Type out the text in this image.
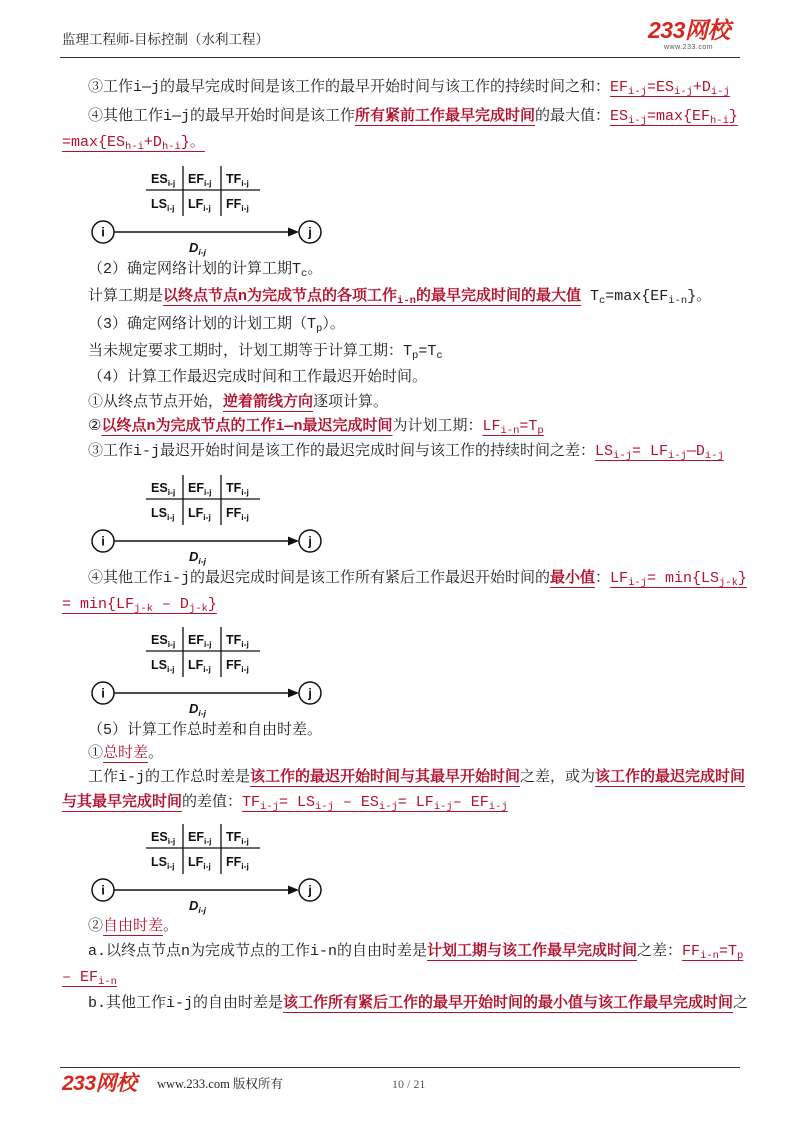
监理工程师-目标控制（水利工程）	233网校
www.233.com
③工作i—j的最早完成时间是该工作的最早开始时间与该工作的持续时间之和：$EF_{i-j}=ES_{i-j}+D_{i-j}$
④其他工作i—j的最早开始时间是该工作所有紧前工作最早完成时间的最大值：$ES_{i-j}=\max\{EF_{h-i}\}$
$=\max\{ES_{h-i}+D_{h-i}\}$。
$ES_{i-j}$ $EF_{i-j}$ $TF_{i-j}$
$LS_{i-j}$ $LF_{i-j}$ $FF_{i-j}$
i	j
$D_{i-j}$
（2）确定网络计划的计算工期$T_c$。
计算工期是以终点节点n为完成节点的各项工作$_{i-n}$的最早完成时间的最大值 $T_c=\max\{EF_{i-n}\}$。
（3）确定网络计划的计划工期$(T_p)$。
当未规定要求工期时，计划工期等于计算工期：$T_p=T_c$
（4）计算工作最迟完成时间和工作最迟开始时间。
①从终点节点开始，逆着箭线方向逐项计算。
②以终点n为完成节点的工作i—n最迟完成时间为计划工期：$LF_{i-n}=T_p$
③工作i-j最迟开始时间是该工作的最迟完成时间与该工作的持续时间之差：$LS_{i-j}=$ $LF_{i-j}—D_{i-j}$
$ES_{i-j}$ $EF_{i-j}$ $TF_{i-j}$
$LS_{i-j}$ $LF_{i-j}$ $FF_{i-j}$
i	j
$D_{i-j}$
④其他工作i-j的最迟完成时间是该工作所有紧后工作最迟开始时间的最小值：$LF_{i-j}= \min\{LS_{j-k}\}$
= $\min\{LF_{j-k} - D_{j-k}\}$
$ES_{i-j}$ $EF_{i-j}$ $TF_{i-j}$
$LS_{i-j}$ $LF_{i-j}$ $FF_{i-j}$
i	j
$D_{i-j}$
（5）计算工作总时差和自由时差。
①总时差。
工作i-j的工作总时差是该工作的最迟开始时间与其最早开始时间之差，或为该工作的最迟完成时间
与其最早完成时间的差值：$TF_{i-j}= LS_{i-j} - ES_{i-j}= LF_{i-j}-$ $EF_{i-j}$
$ES_{i-j}$ $EF_{i-j}$ $TF_{i-j}$
$LS_{i-j}$ $LF_{i-j}$ $FF_{i-j}$
i	j
$D_{i-j}$
②自由时差。
a.以终点节点n为完成节点的工作i-n的自由时差是计划工期与该工作最早完成时间之差：$FF_{i-n}=T_p$
– $EF_{i-n}$
b.其他工作i-j的自由时差是该工作所有紧后工作的最早开始时间的最小值与该工作最早完成时间之
233网校 www.233.com 版权所有	10 / 21
